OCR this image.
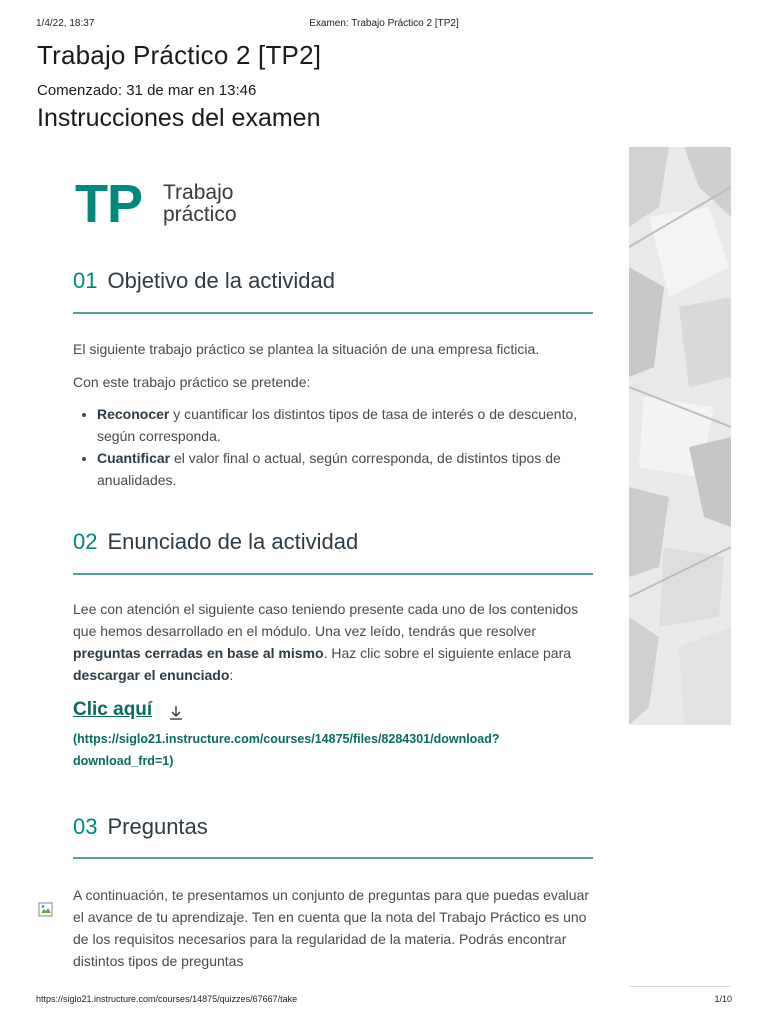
1/4/22, 18:37	Examen: Trabajo Práctico 2 [TP2]
Trabajo Práctico 2 [TP2]
Comenzado: 31 de mar en 13:46
Instrucciones del examen
TP Trabajo
práctico
01 Objetivo de la actividad

El siguiente trabajo práctico se plantea la situación de una empresa ficticia.

Con este trabajo práctico se pretende:

• Reconocer y cuantificar los distintos tipos de tasa de interés o de descuento, según corresponda.
• Cuantificar el valor final o actual, según corresponda, de distintos tipos de anualidades.
02 Enunciado de la actividad

Lee con atención el siguiente caso teniendo presente cada uno de los contenidos que hemos desarrollado en el módulo. Una vez leído, tendrás que resolver preguntas cerradas en base al mismo. Haz clic sobre el siguiente enlace para descargar el enunciado:

Clic aquí
(https://siglo21.instructure.com/courses/14875/files/8284301/download?download_frd=1)
03 Preguntas

A continuación, te presentamos un conjunto de preguntas para que puedas evaluar el avance de tu aprendizaje. Ten en cuenta que la nota del Trabajo Práctico es uno de los requisitos necesarios para la regularidad de la materia. Podrás encontrar distintos tipos de preguntas

https://siglo21.instructure.com/courses/14875/quizzes/67667/take	1/10
